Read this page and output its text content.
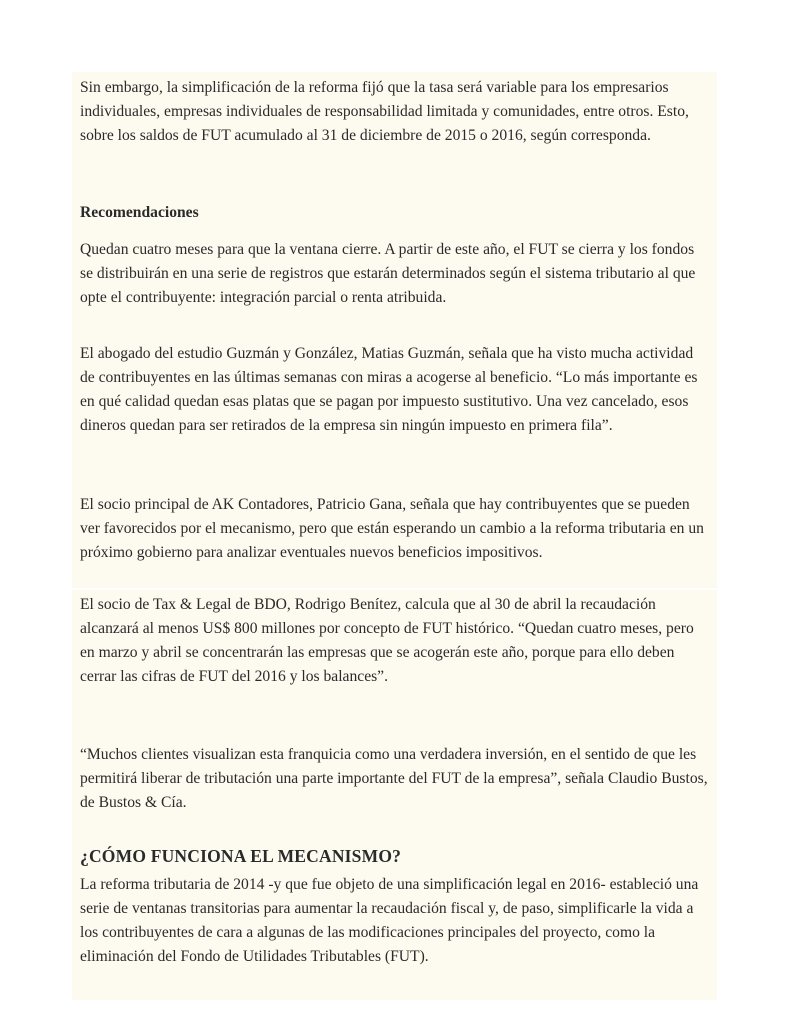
Sin embargo, la simplificación de la reforma fijó que la tasa será variable para los empresarios individuales, empresas individuales de responsabilidad limitada y comunidades, entre otros. Esto, sobre los saldos de FUT acumulado al 31 de diciembre de 2015 o 2016, según corresponda.

Recomendaciones

Quedan cuatro meses para que la ventana cierre. A partir de este año, el FUT se cierra y los fondos se distribuirán en una serie de registros que estarán determinados según el sistema tributario al que opte el contribuyente: integración parcial o renta atribuida.

El abogado del estudio Guzmán y González, Matias Guzmán, señala que ha visto mucha actividad de contribuyentes en las últimas semanas con miras a acogerse al beneficio. “Lo más importante es en qué calidad quedan esas platas que se pagan por impuesto sustitutivo. Una vez cancelado, esos dineros quedan para ser retirados de la empresa sin ningún impuesto en primera fila”.

El socio principal de AK Contadores, Patricio Gana, señala que hay contribuyentes que se pueden ver favorecidos por el mecanismo, pero que están esperando un cambio a la reforma tributaria en un próximo gobierno para analizar eventuales nuevos beneficios impositivos.

El socio de Tax & Legal de BDO, Rodrigo Benítez, calcula que al 30 de abril la recaudación alcanzará al menos US$ 800 millones por concepto de FUT histórico. “Quedan cuatro meses, pero en marzo y abril se concentrarán las empresas que se acogerán este año, porque para ello deben cerrar las cifras de FUT del 2016 y los balances”.

“Muchos clientes visualizan esta franquicia como una verdadera inversión, en el sentido de que les permitirá liberar de tributación una parte importante del FUT de la empresa”, señala Claudio Bustos, de Bustos & Cía.

¿CÓMO FUNCIONA EL MECANISMO?

La reforma tributaria de 2014 -y que fue objeto de una simplificación legal en 2016- estableció una serie de ventanas transitorias para aumentar la recaudación fiscal y, de paso, simplificarle la vida a los contribuyentes de cara a algunas de las modificaciones principales del proyecto, como la eliminación del Fondo de Utilidades Tributables (FUT).
